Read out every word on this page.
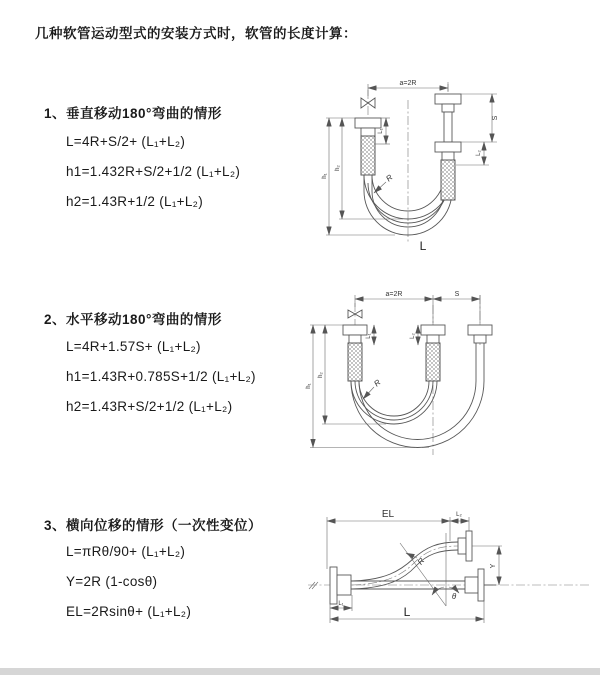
几种软管运动型式的安装方式时，软管的长度计算：
1、垂直移动180°弯曲的情形
L=4R+S/2+ (L₁+L₂)
h1=1.432R+S/2+1/2 (L₁+L₂)
h2=1.43R+1/2 (L₁+L₂)
2、水平移动180°弯曲的情形
L=4R+1.57S+ (L₁+L₂)
h1=1.43R+0.785S+1/2 (L₁+L₂)
h2=1.43R+S/2+1/2 (L₁+L₂)
3、横向位移的情形（一次性变位）
L=πRθ/90+ (L₁+L₂)
Y=2R (1-cosθ)
EL=2Rsinθ+ (L₁+L₂)
a=2R
L₁
S
L₂
h₁
h₂
R
L
a=2R	S
L₁	L₂
h₁
h₂
R
θ
EL	L₂
Y
R
L₁
L
